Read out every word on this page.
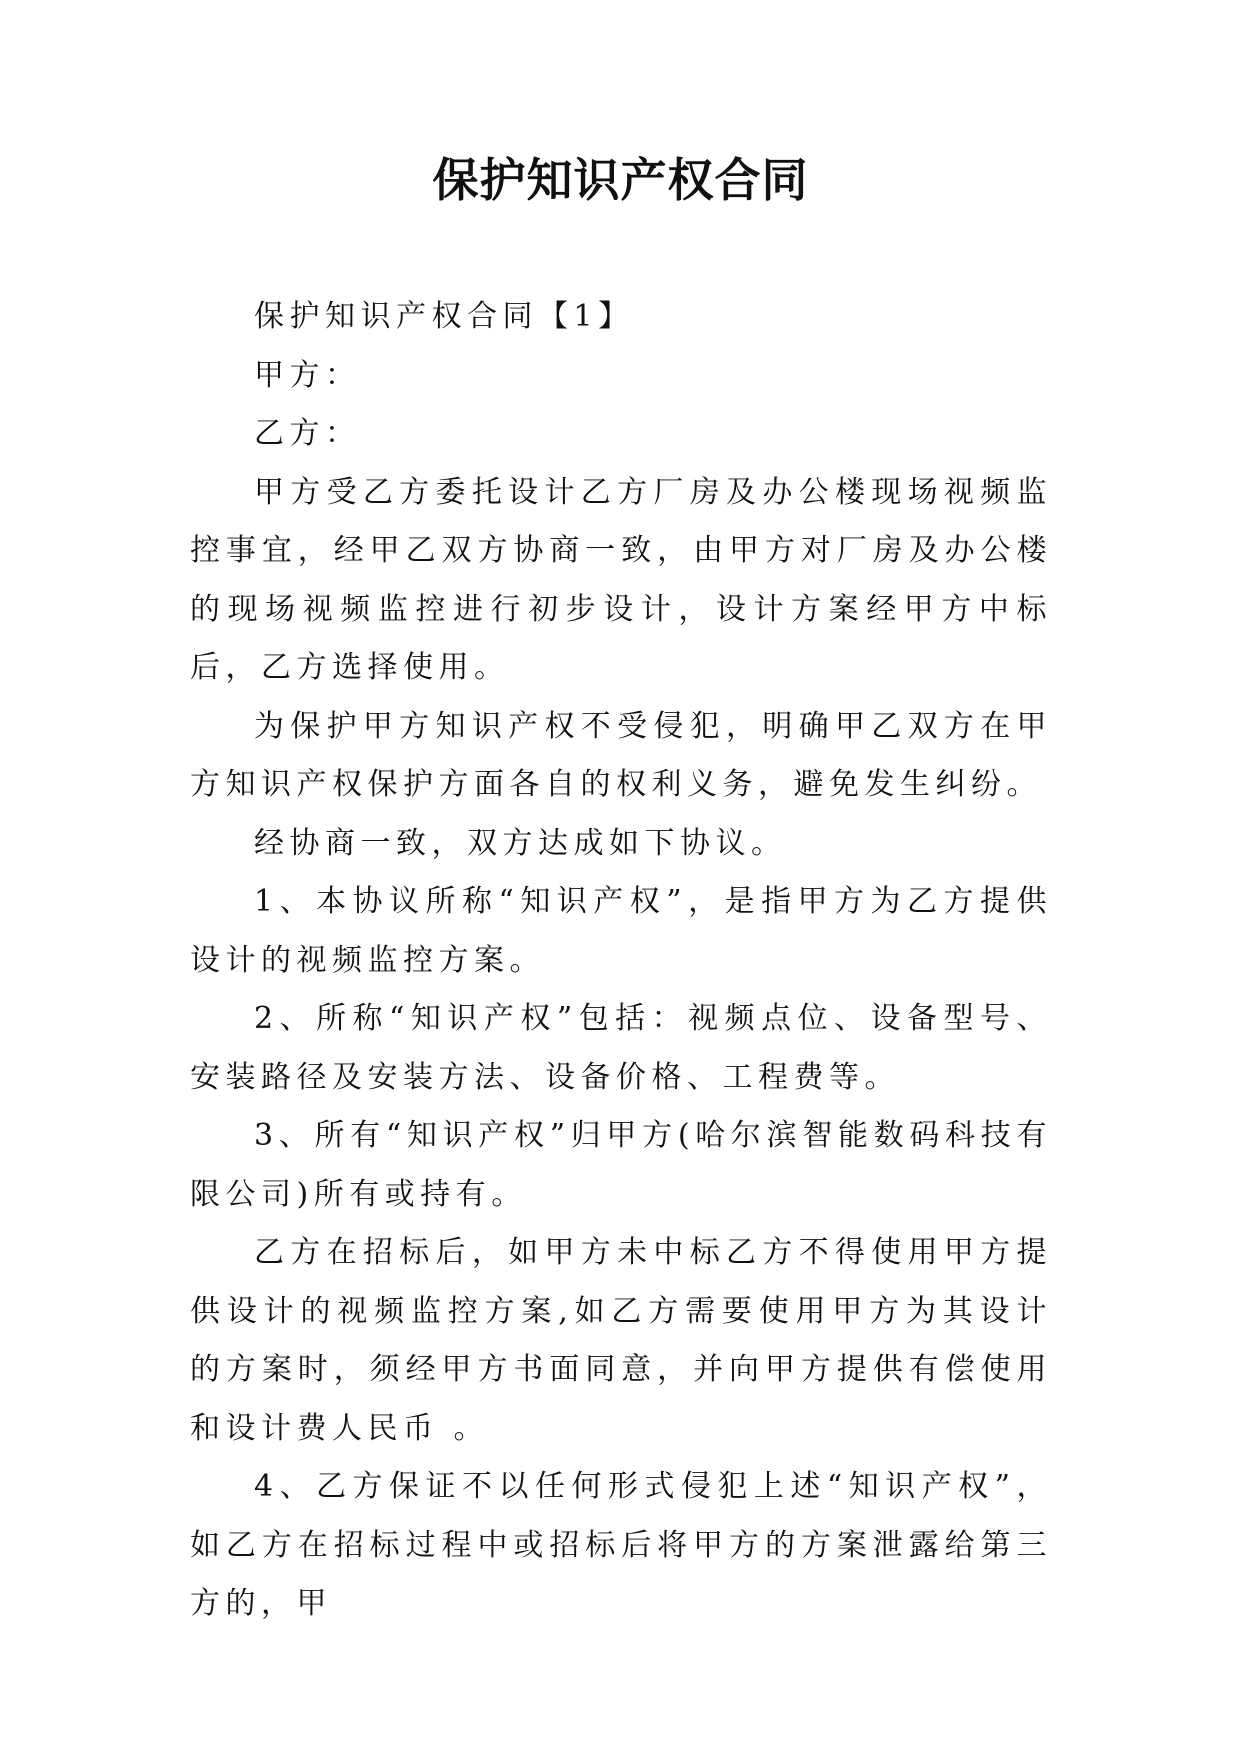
保护知识产权合同

保护知识产权合同【1】

甲方：

乙方：

甲方受乙方委托设计乙方厂房及办公楼现场视频监控事宜，经甲乙双方协商一致，由甲方对厂房及办公楼的现场视频监控进行初步设计，设计方案经甲方中标后，乙方选择使用。

为保护甲方知识产权不受侵犯，明确甲乙双方在甲方知识产权保护方面各自的权利义务，避免发生纠纷。

经协商一致，双方达成如下协议。

1、本协议所称“知识产权”，是指甲方为乙方提供设计的视频监控方案。

2、所称“知识产权”包括：视频点位、设备型号、安装路径及安装方法、设备价格、工程费等。

3、所有“知识产权”归甲方(哈尔滨智能数码科技有限公司)所有或持有。

乙方在招标后，如甲方未中标乙方不得使用甲方提供设计的视频监控方案,如乙方需要使用甲方为其设计的方案时，须经甲方书面同意，并向甲方提供有偿使用和设计费人民币 。

4、乙方保证不以任何形式侵犯上述“知识产权”，如乙方在招标过程中或招标后将甲方的方案泄露给第三方的，甲
